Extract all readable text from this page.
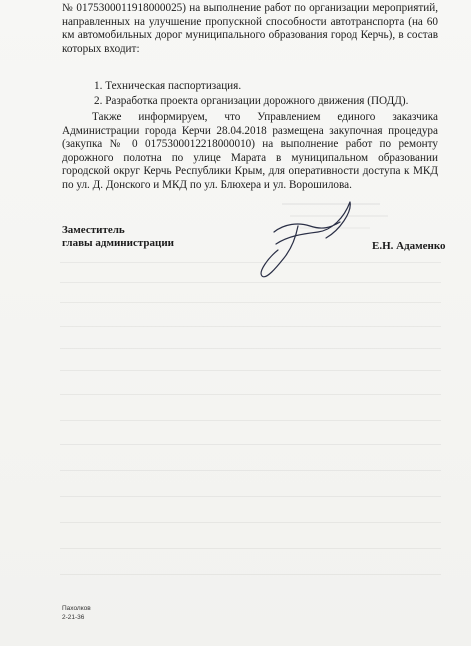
№ 0175300011918000025) на выполнение работ по организации мероприятий, направленных на улучшение пропускной способности автотранспорта (на 60 км автомобильных дорог муниципального образования город Керчь), в состав которых входит:

1. Техническая паспортизация.
2. Разработка проекта организации дорожного движения (ПОДД).

Также информируем, что Управлением единого заказчика Администрации города Керчи 28.04.2018 размещена закупочная процедура (закупка № 0 0175300012218000010) на выполнение работ по ремонту дорожного полотна по улице Марата в муниципальном образовании городской округ Керчь Республики Крым, для оперативности доступа к МКД по ул. Д. Донского и МКД по ул. Блюхера и ул. Ворошилова.

Заместитель
главы администрации	Е.Н. Адаменко
Пахолков
2-21-36
